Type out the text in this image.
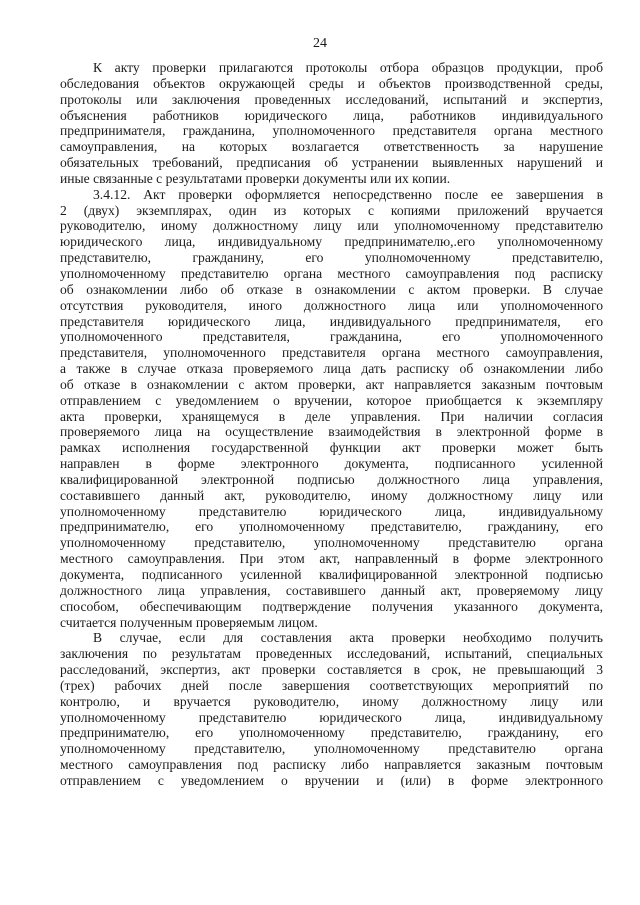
24
К акту проверки прилагаются протоколы отбора образцов продукции, проб
обследования объектов окружающей среды и объектов производственной среды,
протоколы или заключения проведенных исследований, испытаний и экспертиз,
объяснения работников юридического лица, работников индивидуального
предпринимателя, гражданина, уполномоченного представителя органа местного
самоуправления, на которых возлагается ответственность за нарушение
обязательных требований, предписания об устранении выявленных нарушений и
иные связанные с результатами проверки документы или их копии.
3.4.12. Акт проверки оформляется непосредственно после ее завершения в
2 (двух) экземплярах, один из которых с копиями приложений вручается
руководителю, иному должностному лицу или уполномоченному представителю
юридического лица, индивидуальному предпринимателю,.его уполномоченному
представителю, гражданину, его уполномоченному представителю,
уполномоченному представителю органа местного самоуправления под расписку
об ознакомлении либо об отказе в ознакомлении с актом проверки. В случае
отсутствия руководителя, иного должностного лица или уполномоченного
представителя юридического лица, индивидуального предпринимателя, его
уполномоченного представителя, гражданина, его уполномоченного
представителя, уполномоченного представителя органа местного самоуправления,
а также в случае отказа проверяемого лица дать расписку об ознакомлении либо
об отказе в ознакомлении с актом проверки, акт направляется заказным почтовым
отправлением с уведомлением о вручении, которое приобщается к экземпляру
акта проверки, хранящемуся в деле управления. При наличии согласия
проверяемого лица на осуществление взаимодействия в электронной форме в
рамках исполнения государственной функции акт проверки может быть
направлен в форме электронного документа, подписанного усиленной
квалифицированной электронной подписью должностного лица управления,
составившего данный акт, руководителю, иному должностному лицу или
уполномоченному представителю юридического лица, индивидуальному
предпринимателю, его уполномоченному представителю, гражданину, его
уполномоченному представителю, уполномоченному представителю органа
местного самоуправления. При этом акт, направленный в форме электронного
документа, подписанного усиленной квалифицированной электронной подписью
должностного лица управления, составившего данный акт, проверяемому лицу
способом, обеспечивающим подтверждение получения указанного документа,
считается полученным проверяемым лицом.
В случае, если для составления акта проверки необходимо получить
заключения по результатам проведенных исследований, испытаний, специальных
расследований, экспертиз, акт проверки составляется в срок, не превышающий 3
(трех) рабочих дней после завершения соответствующих мероприятий по
контролю, и вручается руководителю, иному должностному лицу или
уполномоченному представителю юридического лица, индивидуальному
предпринимателю, его уполномоченному представителю, гражданину, его
уполномоченному представителю, уполномоченному представителю органа
местного самоуправления под расписку либо направляется заказным почтовым
отправлением с уведомлением о вручении и (или) в форме электронного
